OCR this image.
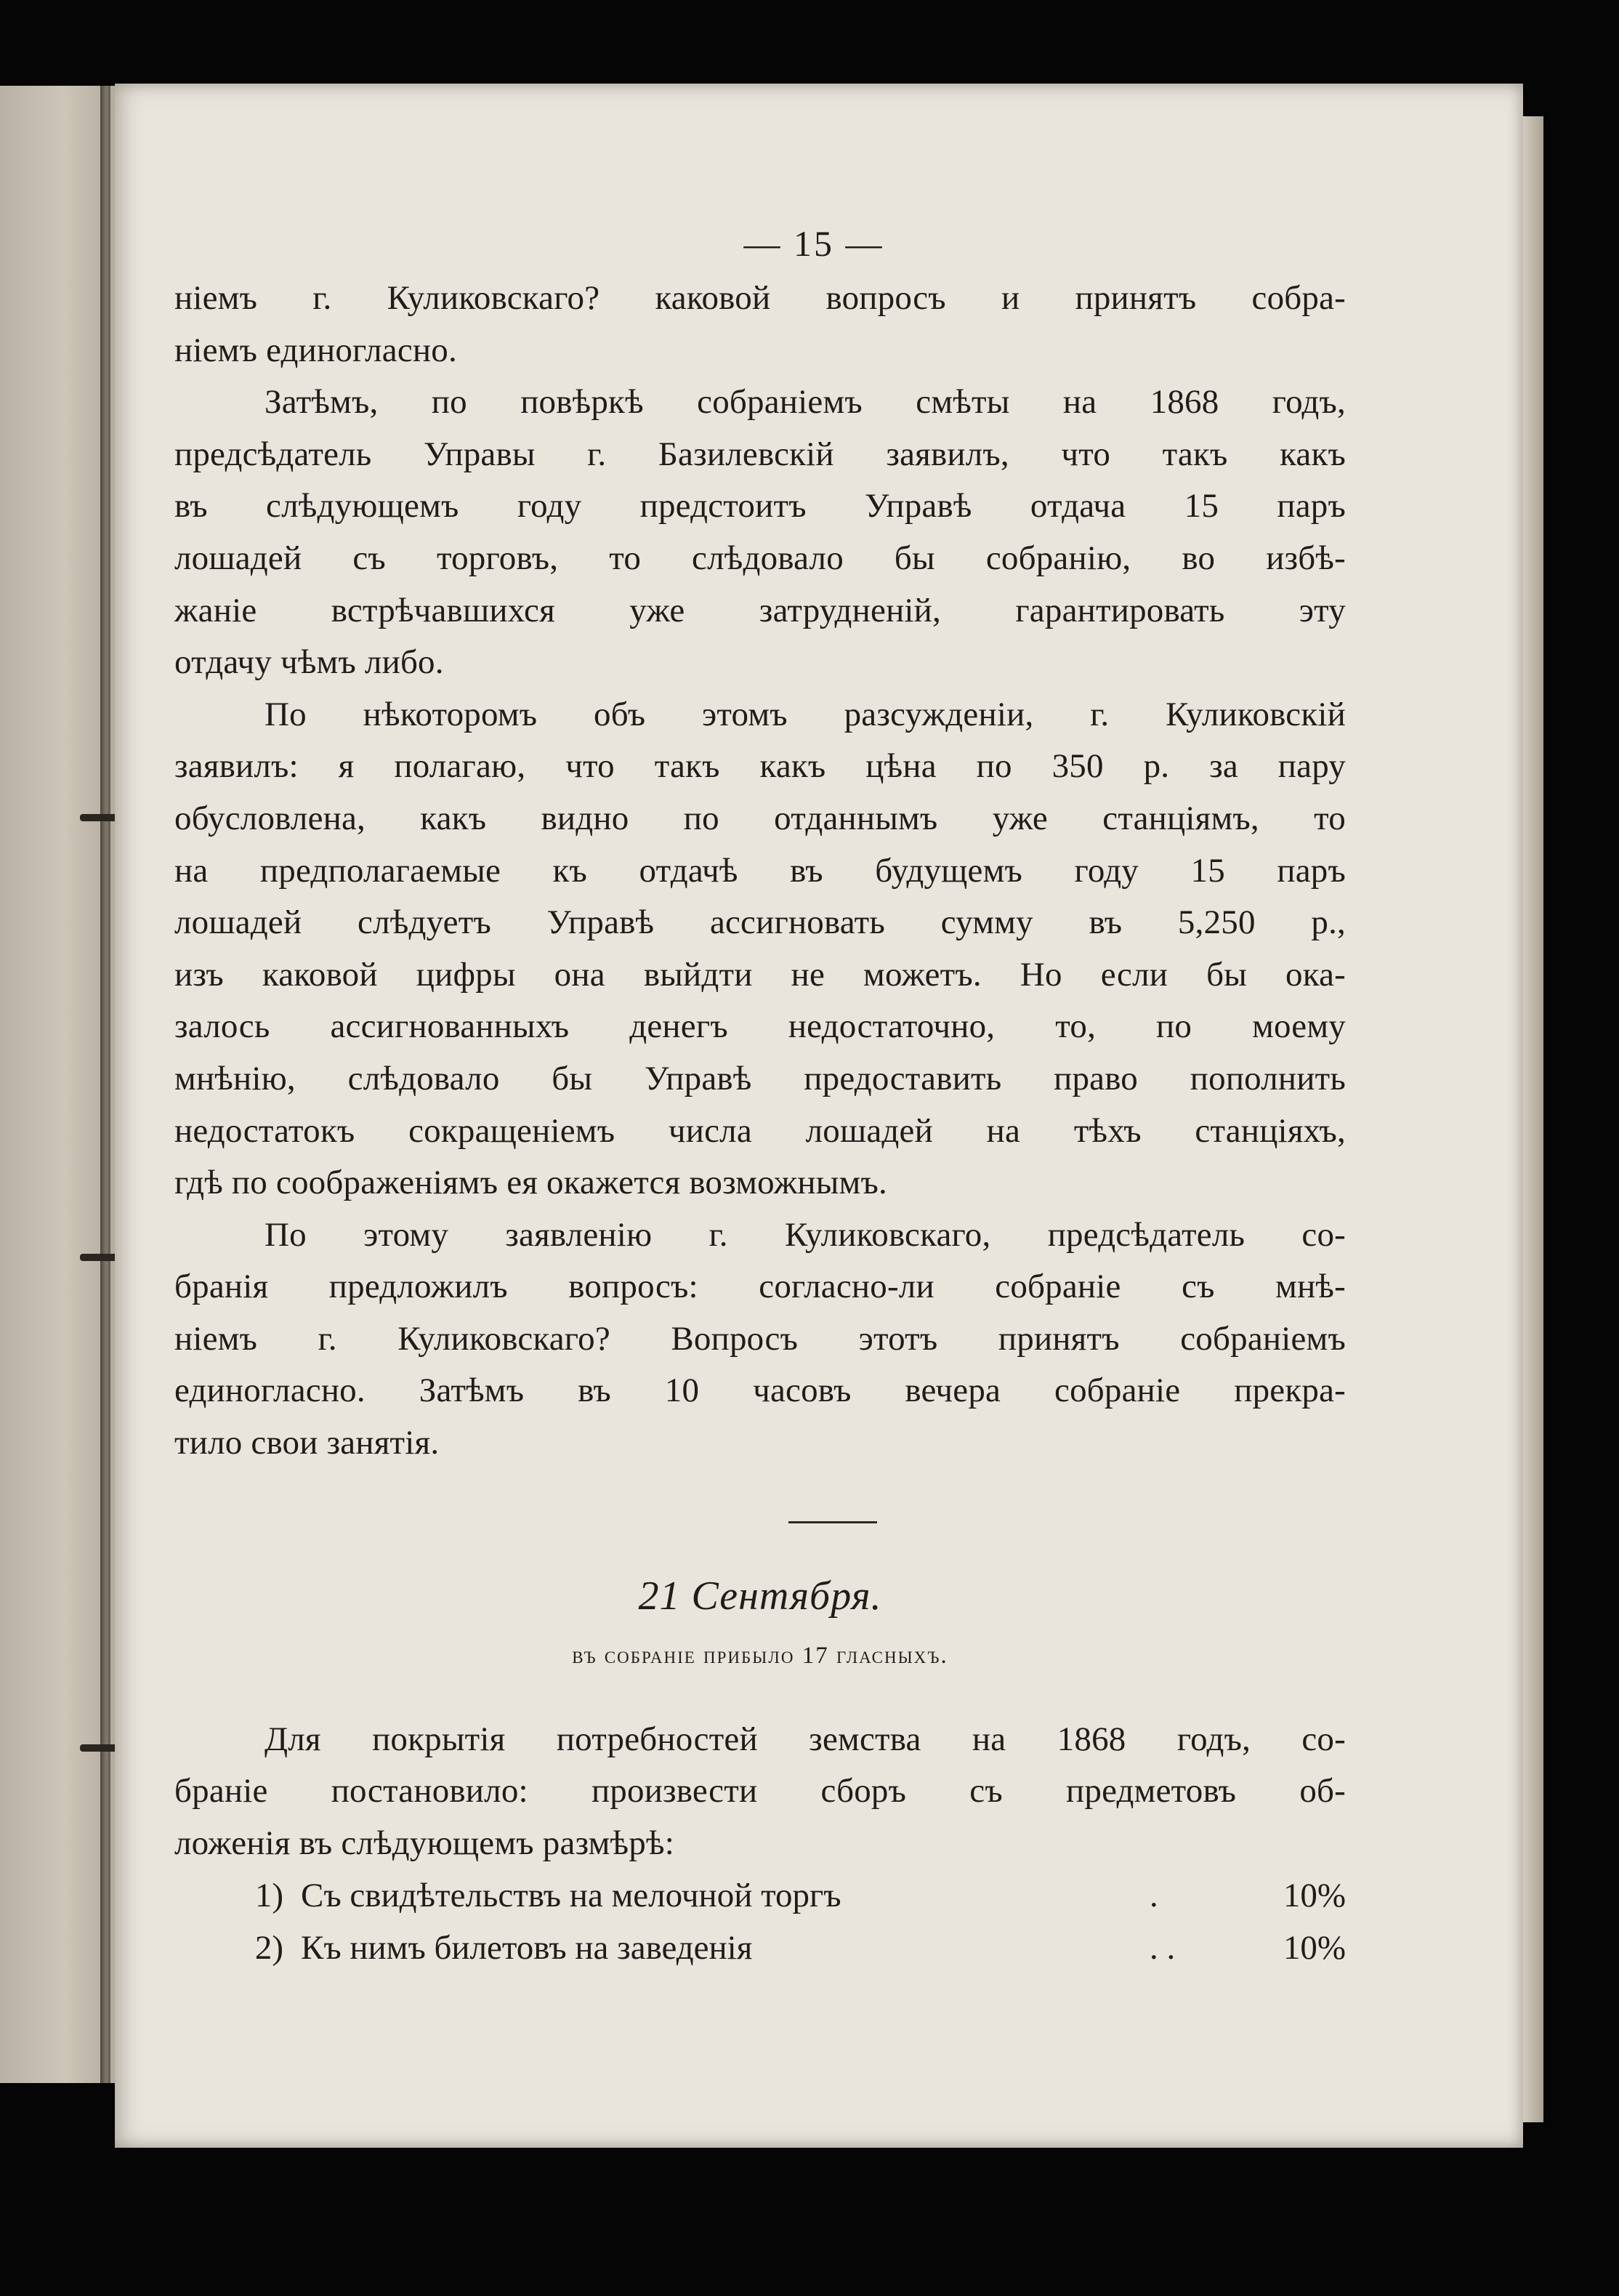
— 15 —
ніемъ г. Куликовскаго? каковой вопросъ и принятъ собра-
ніемъ единогласно.
Затѣмъ, по повѣркѣ собраніемъ смѣты на 1868 годъ,
предсѣдатель Управы г. Базилевскій заявилъ, что такъ какъ
въ слѣдующемъ году предстоитъ Управѣ отдача 15 паръ
лошадей съ торговъ, то слѣдовало бы собранію, во избѣ-
жаніе встрѣчавшихся уже затрудненій, гарантировать эту
отдачу чѣмъ либо.
По нѣкоторомъ объ этомъ разсужденіи, г. Куликовскій
заявилъ: я полагаю, что такъ какъ цѣна по 350 р. за пару
обусловлена, какъ видно по отданнымъ уже станціямъ, то
на предполагаемые къ отдачѣ въ будущемъ году 15 паръ
лошадей слѣдуетъ Управѣ ассигновать сумму въ 5,250 р.,
изъ каковой цифры она выйдти не можетъ. Но если бы ока-
залось ассигнованныхъ денегъ недостаточно, то, по моему
мнѣнію, слѣдовало бы Управѣ предоставить право пополнить
недостатокъ сокращеніемъ числа лошадей на тѣхъ станціяхъ,
гдѣ по соображеніямъ ея окажется возможнымъ.
По этому заявленію г. Куликовскаго, предсѣдатель со-
бранія предложилъ вопросъ: согласно-ли собраніе съ мнѣ-
ніемъ г. Куликовскаго? Вопросъ этотъ принятъ собраніемъ
единогласно. Затѣмъ въ 10 часовъ вечера собраніе прекра-
тило свои занятія.
21 Сентября.
въ собраніе прибыло 17 гласныхъ.
Для покрытія потребностей земства на 1868 годъ, со-
браніе постановило: произвести сборъ съ предметовъ об-
ложенія въ слѣдующемъ размѣрѣ:
1) Съ свидѣтельствъ на мелочной торгъ	.	10%
2) Къ нимъ билетовъ на заведенія	. .	10%
